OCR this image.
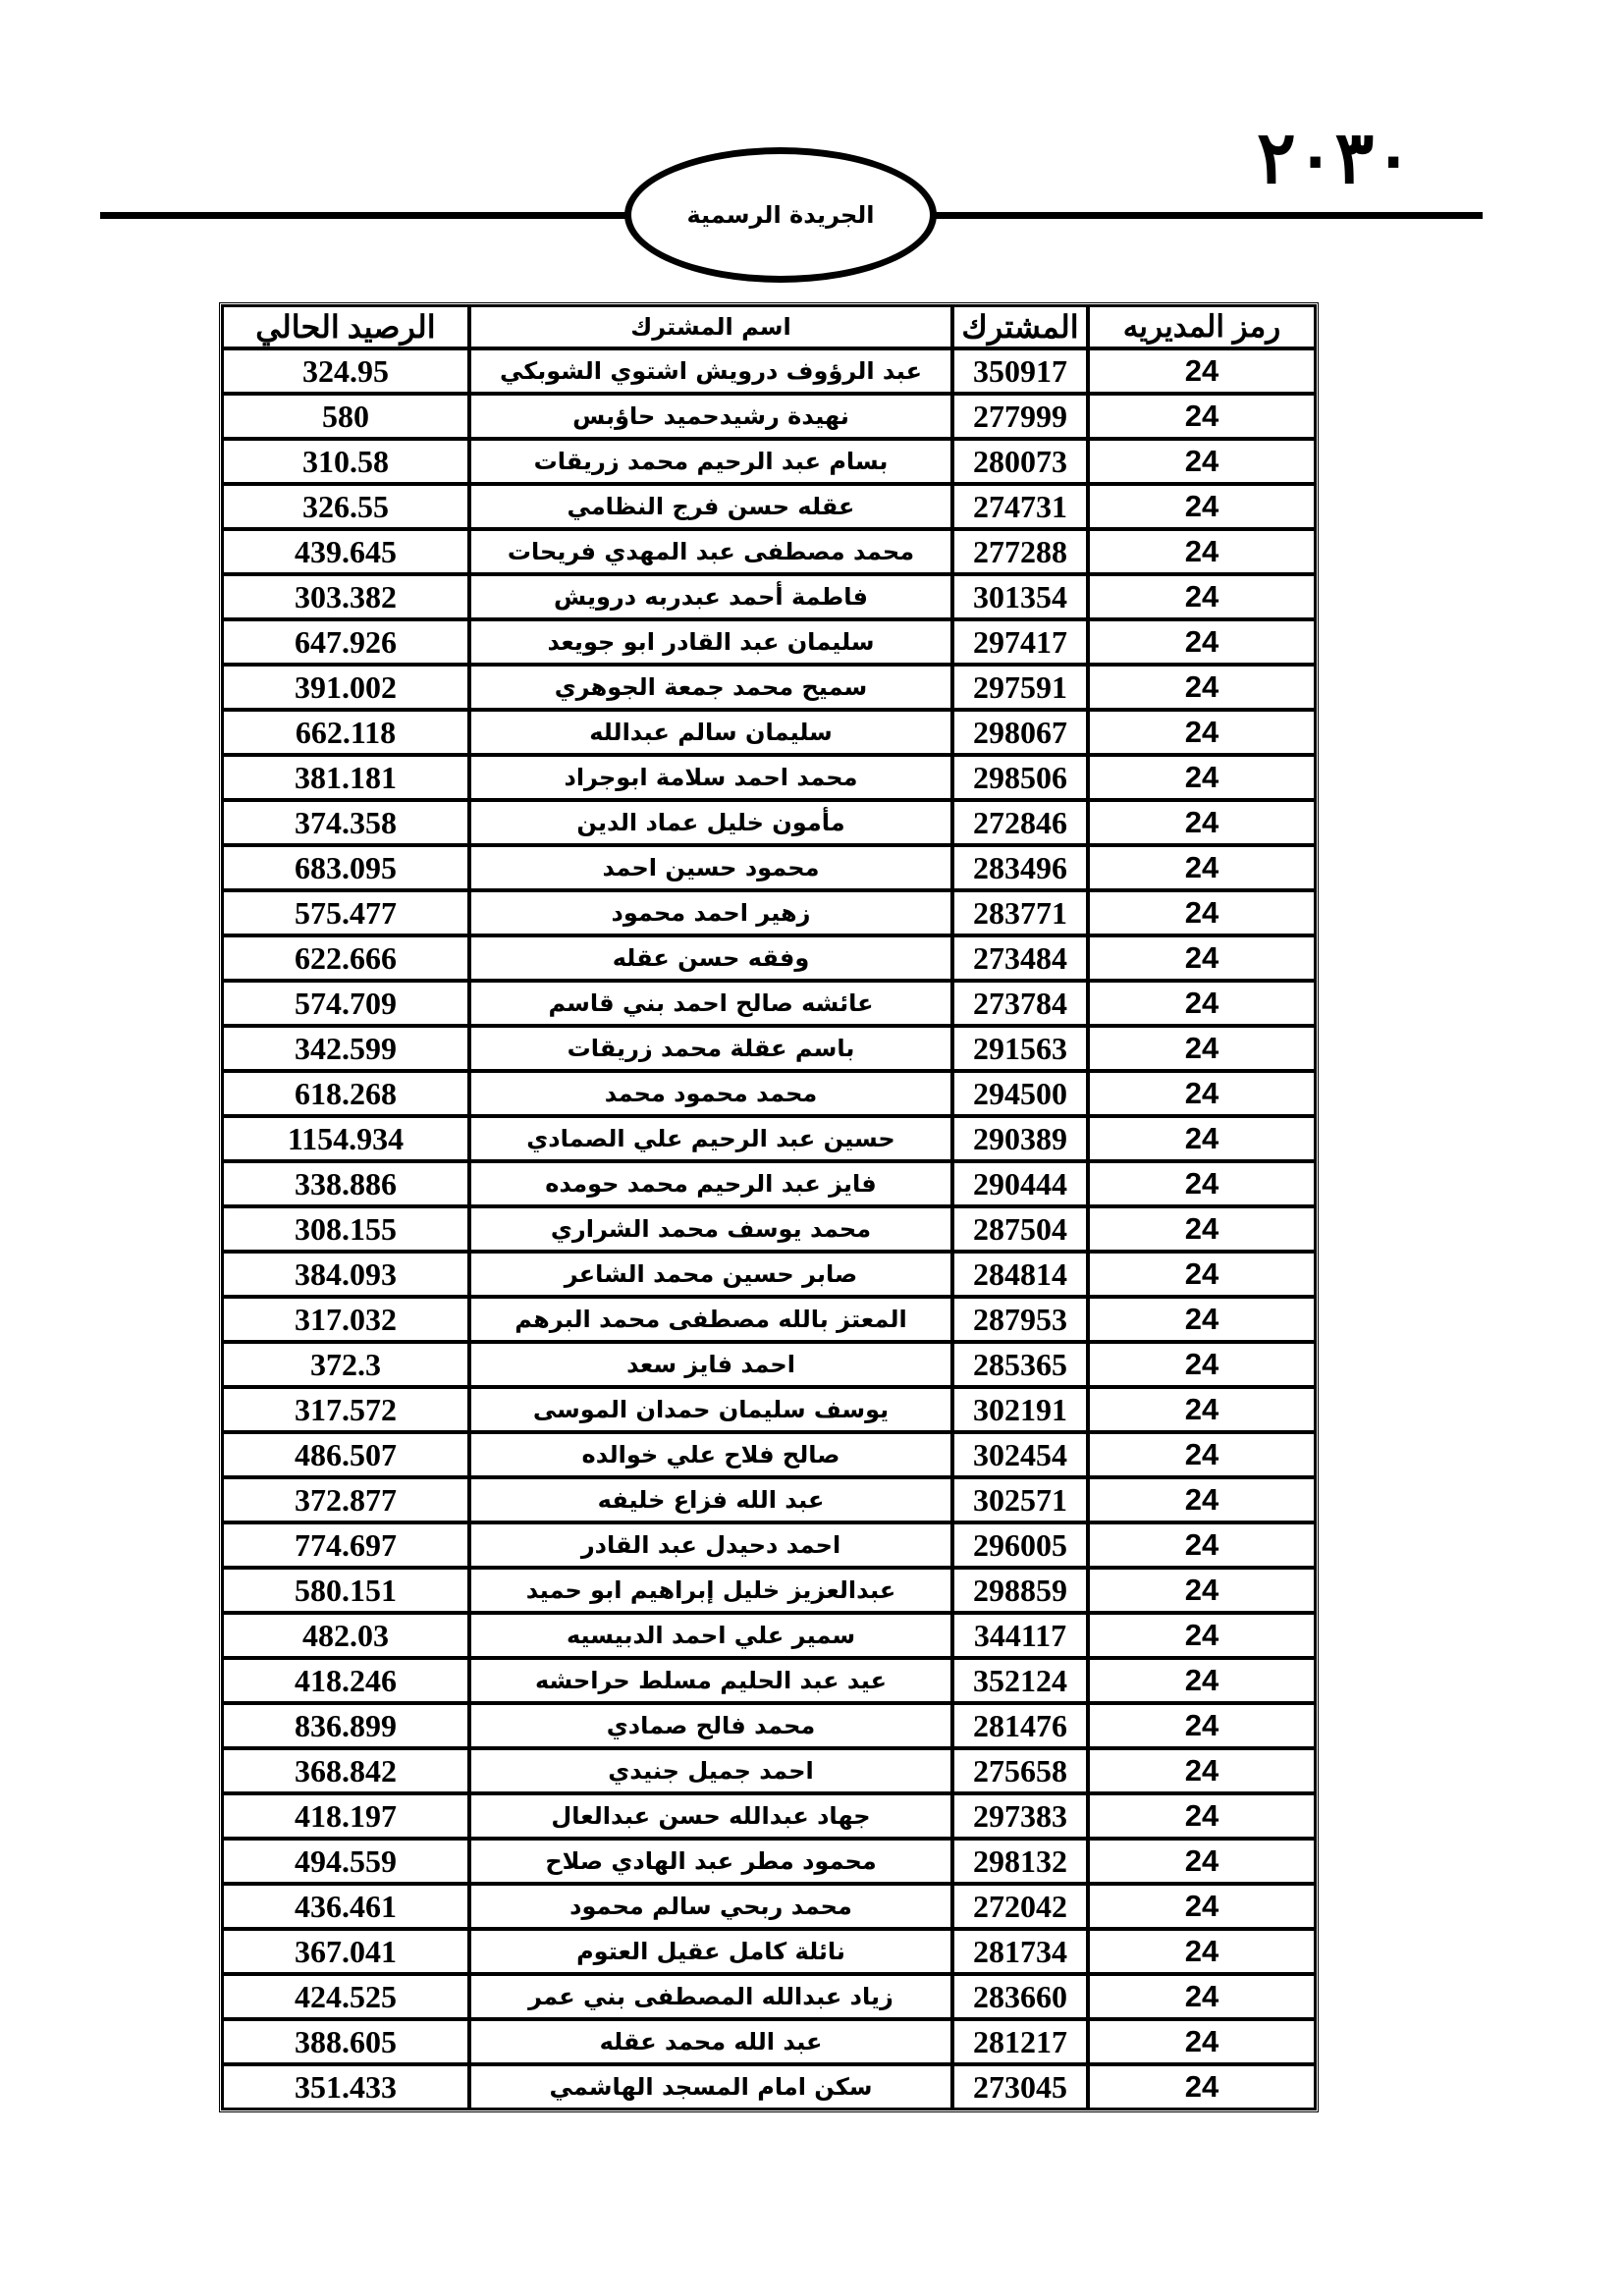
٢٠٣٠
الجريدة الرسمية
رمز المديريه	المشترك	اسم المشترك	الرصيد الحالي
24	350917	عبد الرؤوف درويش اشتوي الشوبكي	324.95
24	277999	نهيدة رشيدحميد حاؤبس	580
24	280073	بسام عبد الرحيم محمد زريقات	310.58
24	274731	عقله حسن فرج النظامي	326.55
24	277288	محمد مصطفى عبد المهدي فريحات	439.645
24	301354	فاطمة أحمد عبدربه درويش	303.382
24	297417	سليمان عبد القادر ابو جويعد	647.926
24	297591	سميح محمد جمعة الجوهري	391.002
24	298067	سليمان سالم عبدالله	662.118
24	298506	محمد احمد سلامة ابوجراد	381.181
24	272846	مأمون خليل عماد الدين	374.358
24	283496	محمود حسين احمد	683.095
24	283771	زهير احمد محمود	575.477
24	273484	وفقه حسن عقله	622.666
24	273784	عائشه صالح احمد بني قاسم	574.709
24	291563	باسم عقلة محمد زريقات	342.599
24	294500	محمد محمود محمد	618.268
24	290389	حسين عبد الرحيم علي الصمادي	1154.934
24	290444	فايز عبد الرحيم محمد حومده	338.886
24	287504	محمد يوسف محمد الشراري	308.155
24	284814	صابر حسين محمد الشاعر	384.093
24	287953	المعتز بالله مصطفى محمد البرهم	317.032
24	285365	احمد فايز سعد	372.3
24	302191	يوسف سليمان حمدان الموسى	317.572
24	302454	صالح فلاح علي خوالده	486.507
24	302571	عبد الله فزاع خليفه	372.877
24	296005	احمد دحيدل عبد القادر	774.697
24	298859	عبدالعزيز خليل إبراهيم ابو حميد	580.151
24	344117	سمير علي احمد الدبيسيه	482.03
24	352124	عيد عبد الحليم مسلط حراحشه	418.246
24	281476	محمد فالح صمادي	836.899
24	275658	احمد جميل جنيدي	368.842
24	297383	جهاد عبدالله حسن عبدالعال	418.197
24	298132	محمود مطر عبد الهادي صلاح	494.559
24	272042	محمد ربحي سالم محمود	436.461
24	281734	نائلة كامل عقيل العتوم	367.041
24	283660	زياد عبدالله المصطفى بني عمر	424.525
24	281217	عبد الله محمد عقله	388.605
24	273045	سكن امام المسجد الهاشمي	351.433
